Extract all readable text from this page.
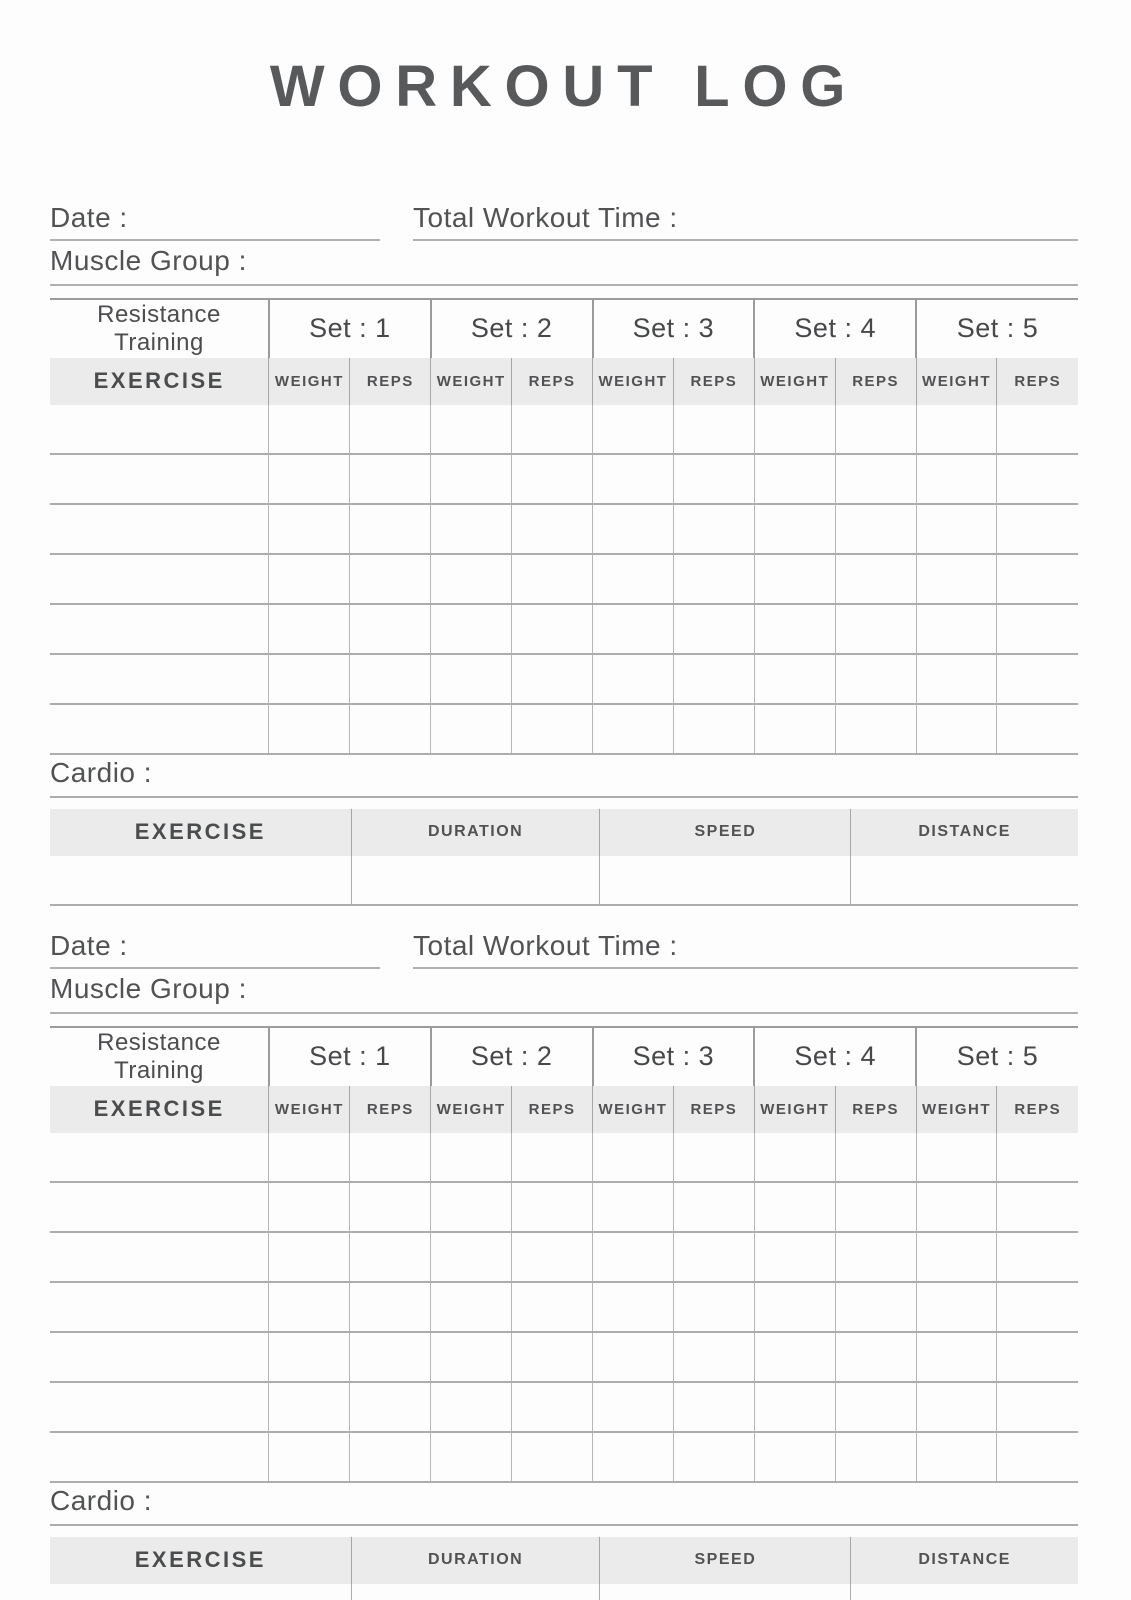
WORKOUT LOG
Date :	Total Workout Time :
Muscle Group :
Resistance Training	Set : 1		Set : 2		Set : 3		Set : 4		Set : 5	
EXERCISE	WEIGHT	REPS	WEIGHT	REPS	WEIGHT	REPS	WEIGHT	REPS	WEIGHT	REPS

Cardio :
EXERCISE	DURATION	SPEED	DISTANCE

Date :	Total Workout Time :
Muscle Group :
Resistance Training	Set : 1		Set : 2		Set : 3		Set : 4		Set : 5	
EXERCISE	WEIGHT	REPS	WEIGHT	REPS	WEIGHT	REPS	WEIGHT	REPS	WEIGHT	REPS

Cardio :
EXERCISE	DURATION	SPEED	DISTANCE
